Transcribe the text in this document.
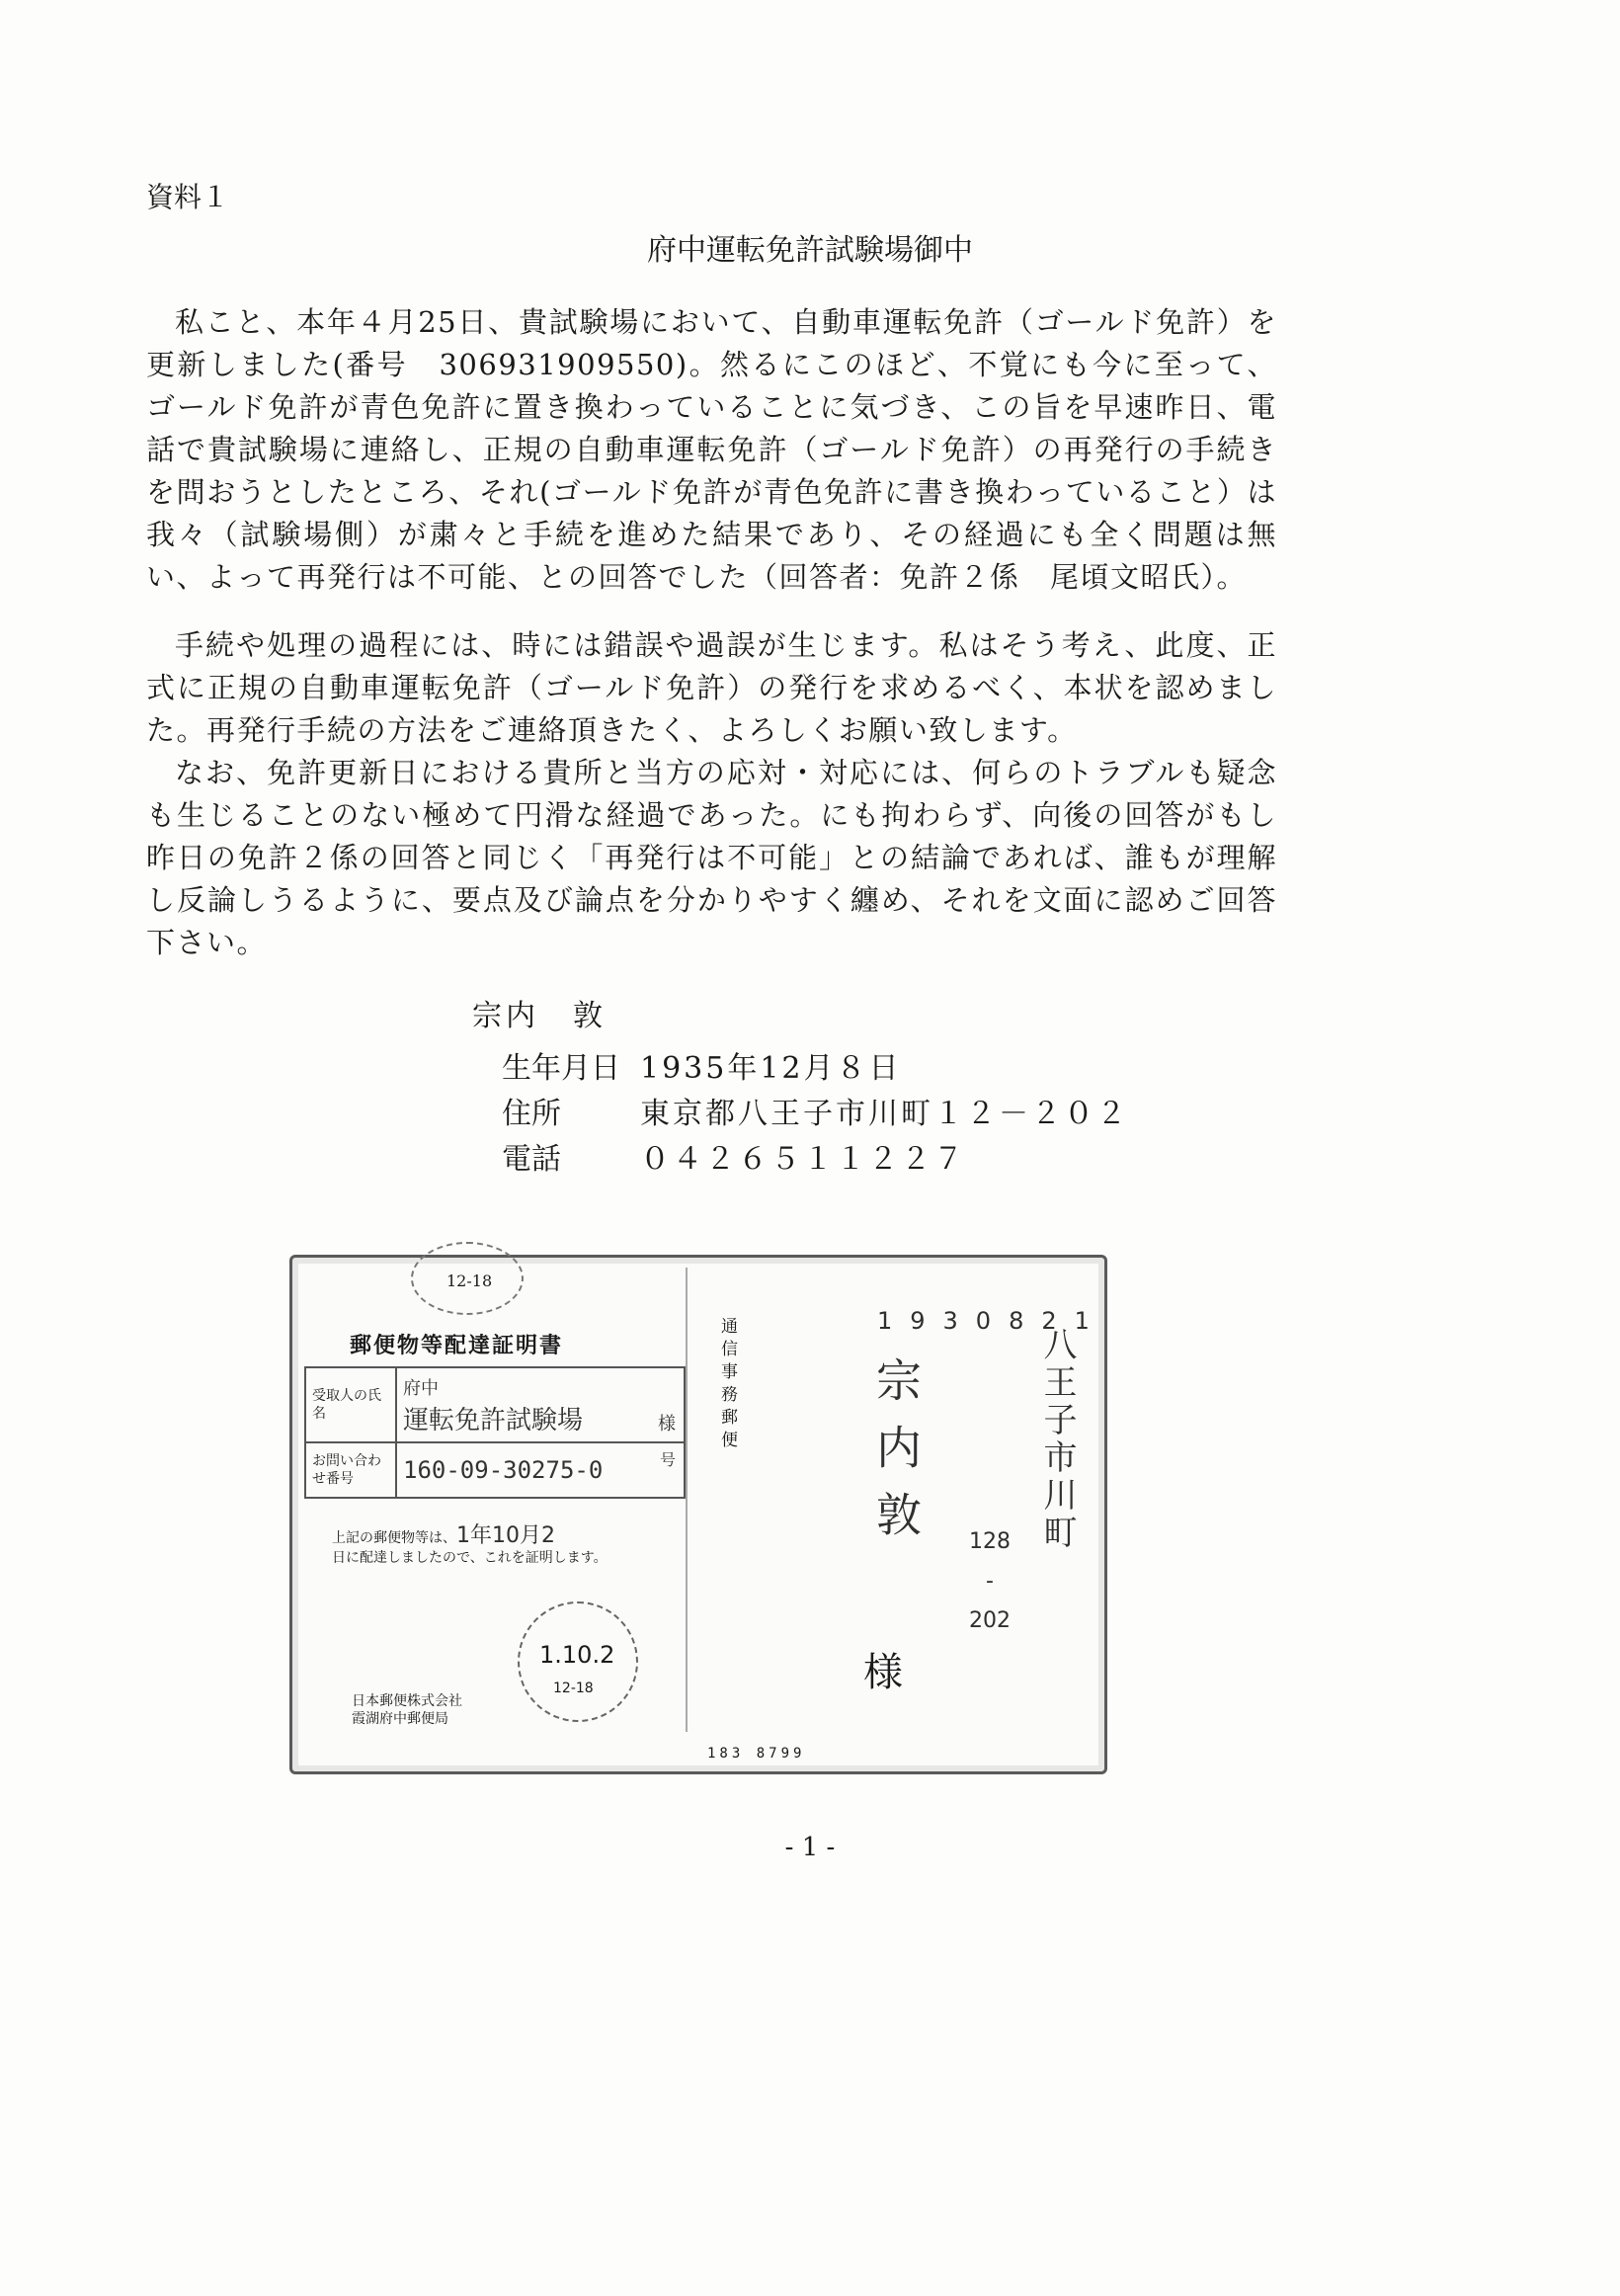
資料１
府中運転免許試験場御中

私こと、本年４月25日、貴試験場において、自動車運転免許（ゴールド免許）を更新しました(番号　306931909550)。然るにこのほど、不覚にも今に至って、ゴールド免許が青色免許に置き換わっていることに気づき、この旨を早速昨日、電話で貴試験場に連絡し、正規の自動車運転免許（ゴールド免許）の再発行の手続きを問おうとしたところ、それ(ゴールド免許が青色免許に書き換わっていること）は我々（試験場側）が粛々と手続を進めた結果であり、その経過にも全く問題は無い、よって再発行は不可能、との回答でした（回答者：免許２係　尾頃文昭氏）。

手続や処理の過程には、時には錯誤や過誤が生じます。私はそう考え、此度、正式に正規の自動車運転免許（ゴールド免許）の発行を求めるべく、本状を認めました。再発行手続の方法をご連絡頂きたく、よろしくお願い致します。

なお、免許更新日における貴所と当方の応対・対応には、何らのトラブルも疑念も生じることのない極めて円滑な経過であった。にも拘わらず、向後の回答がもし昨日の免許２係の回答と同じく「再発行は不可能」との結論であれば、誰もが理解し反論しうるように、要点及び論点を分かりやすく纏め、それを文面に認めご回答下さい。

宗内　敦
生年月日 1935年12月８日
住所	東京都八王子市川町１２－２０２
電話	０４２６５１１２２７
12-18
郵便物等配達証明書
受取人の氏　　名	府中
運転免許試験場 様

お問い合わせ番号	160-09-30275-0 号
上記の郵便物等は、1年10月2
日に配達しましたので、これを証明します。
1.10.2
12-18
日本郵便株式会社
霞湖府中郵便局
通信事務郵便	1930821
宗内敦
様
八王子市川町
128
-
202
183 8799
- 1 -
